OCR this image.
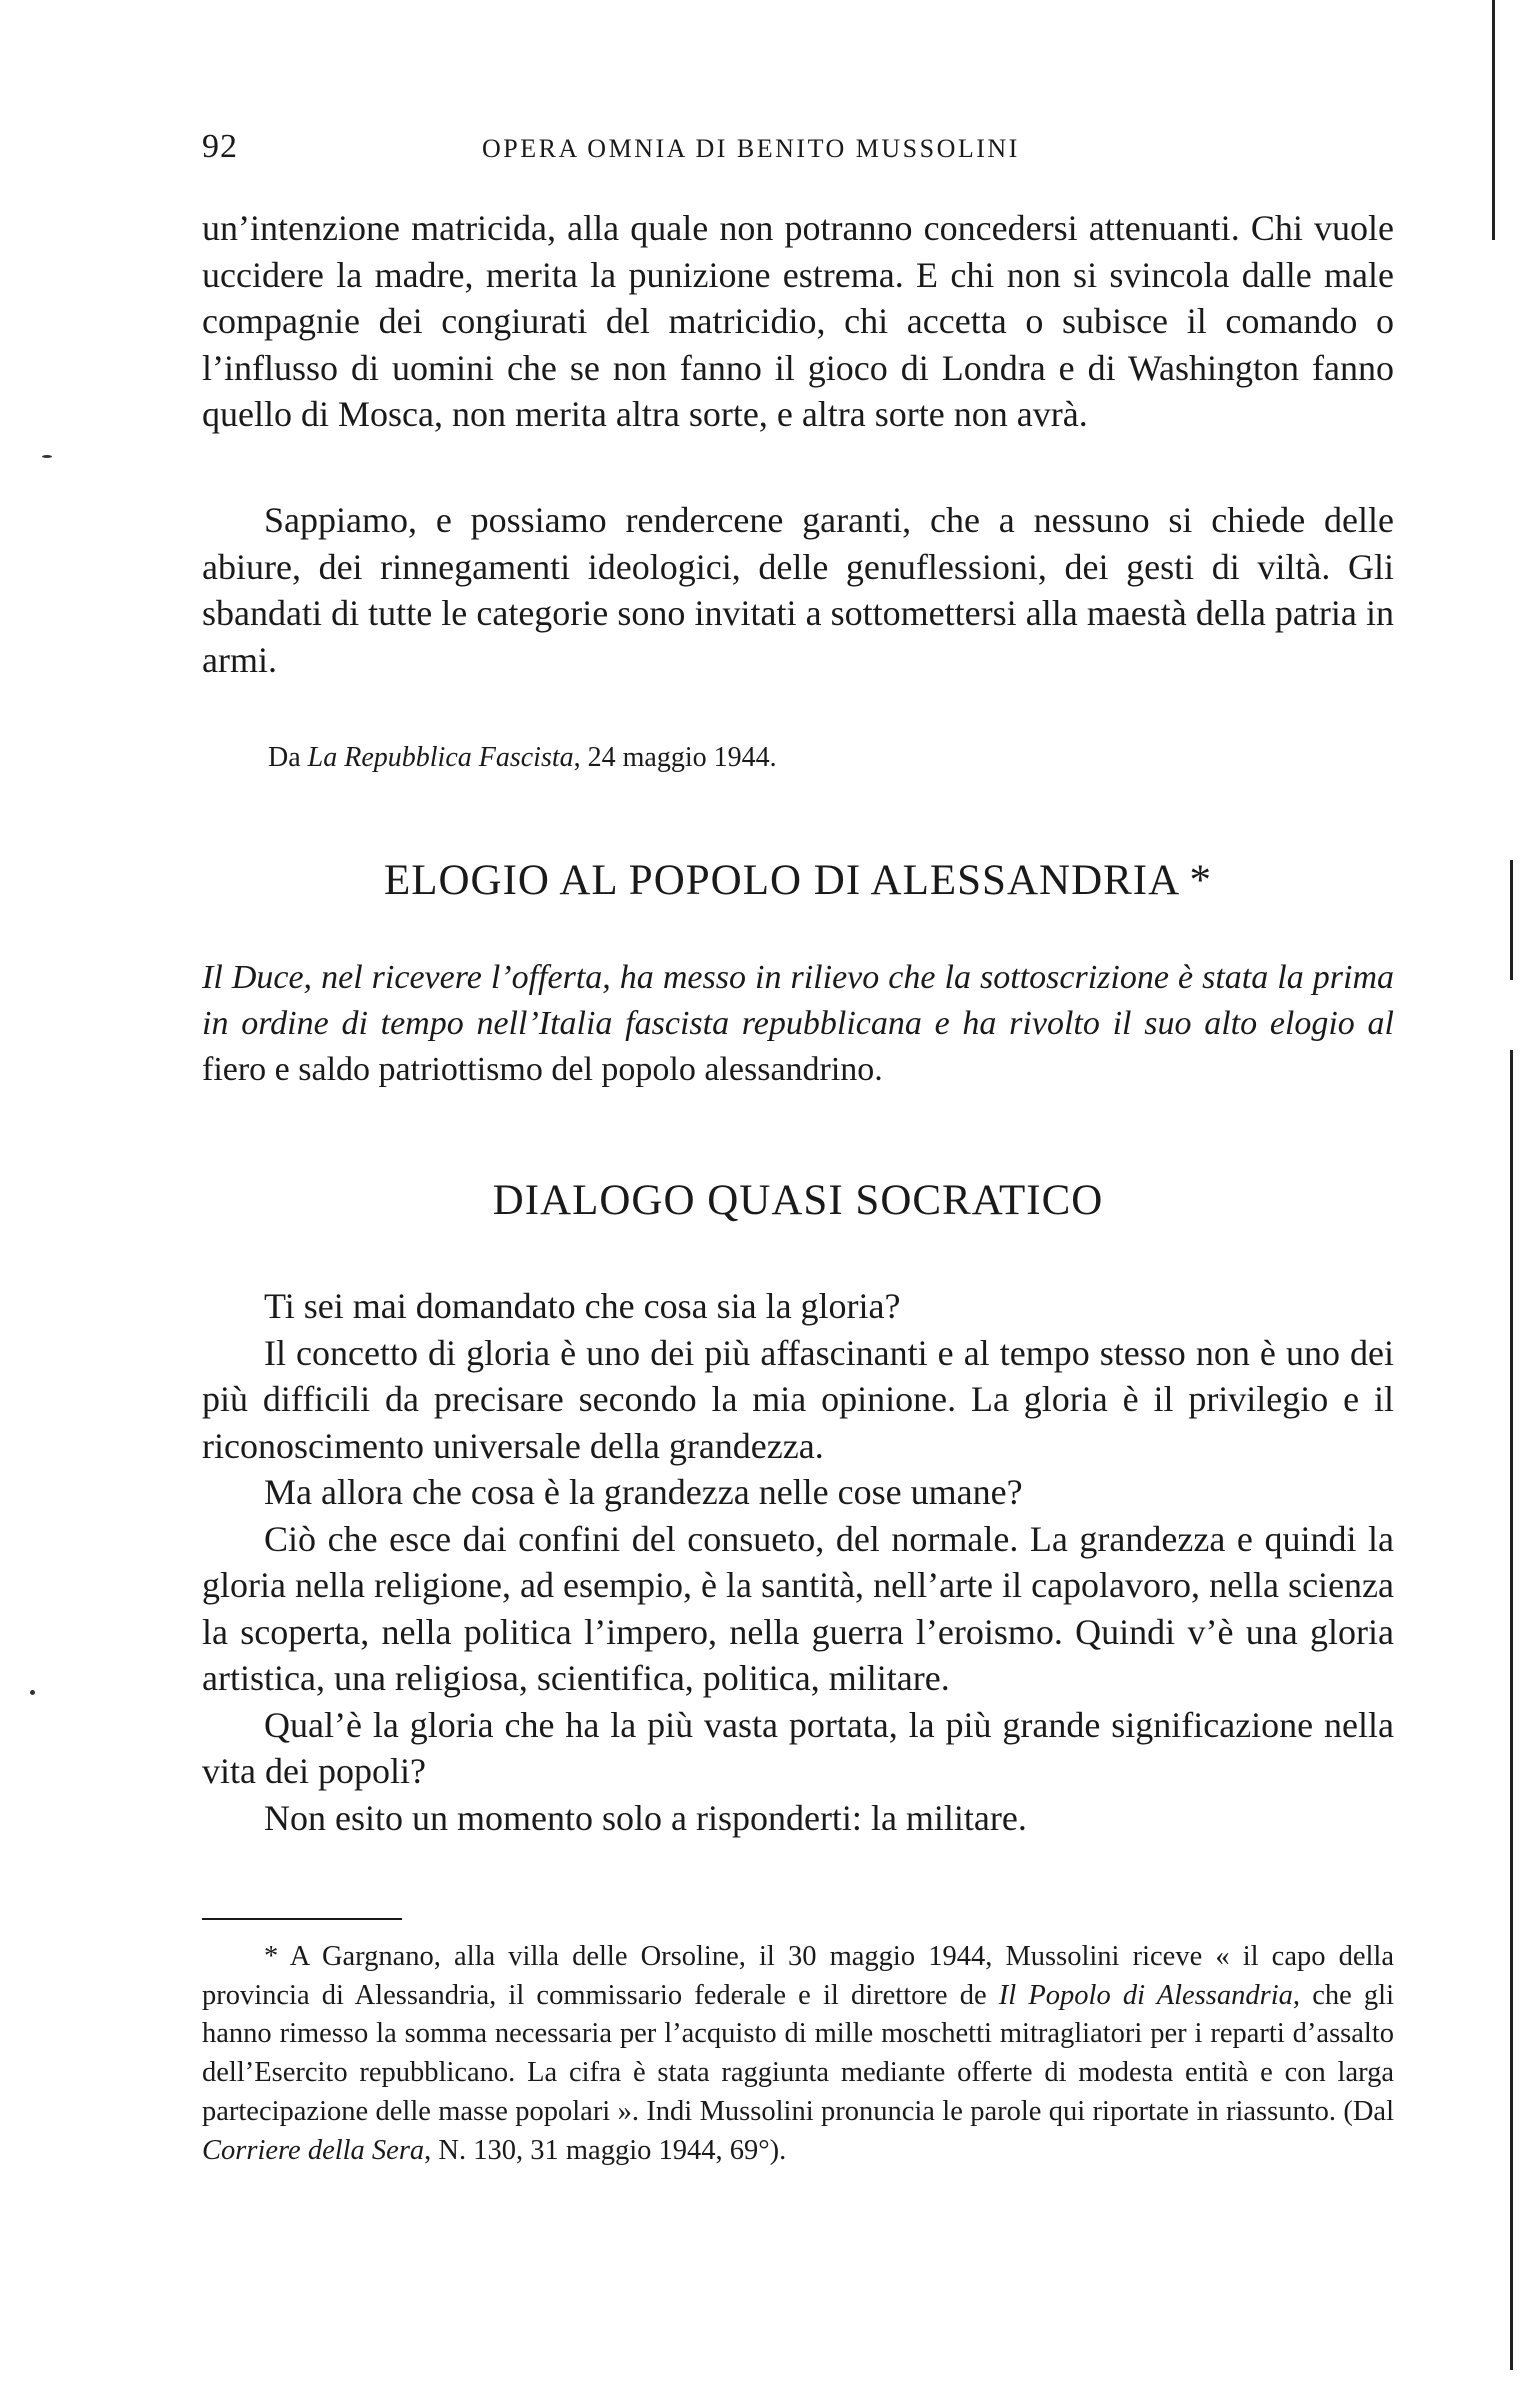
92	OPERA OMNIA DI BENITO MUSSOLINI

un’intenzione matricida, alla quale non potranno concedersi attenuanti. Chi vuole uccidere la madre, merita la punizione estrema. E chi non si svincola dalle male compagnie dei congiurati del matricidio, chi accetta o subisce il comando o l’influsso di uomini che se non fanno il gioco di Londra e di Washington fanno quello di Mosca, non merita altra sorte, e altra sorte non avrà.

Sappiamo, e possiamo rendercene garanti, che a nessuno si chiede delle abiure, dei rinnegamenti ideologici, delle genuflessioni, dei gesti di viltà. Gli sbandati di tutte le categorie sono invitati a sottomettersi alla maestà della patria in armi.

Da La Repubblica Fascista, 24 maggio 1944.
ELOGIO AL POPOLO DI ALESSANDRIA *
Il Duce, nel ricevere l’offerta, ha messo in rilievo che la sottoscrizione è stata la prima in ordine di tempo nell’Italia fascista repubblicana e ha rivolto il suo alto elogio al fiero e saldo patriottismo del popolo alessandrino.
DIALOGO QUASI SOCRATICO

Ti sei mai domandato che cosa sia la gloria?

Il concetto di gloria è uno dei più affascinanti e al tempo stesso non è uno dei più difficili da precisare secondo la mia opinione. La gloria è il privilegio e il riconoscimento universale della grandezza.

Ma allora che cosa è la grandezza nelle cose umane?

Ciò che esce dai confini del consueto, del normale. La grandezza e quindi la gloria nella religione, ad esempio, è la santità, nell’arte il capolavoro, nella scienza la scoperta, nella politica l’impero, nella guerra l’eroismo. Quindi v’è una gloria artistica, una religiosa, scientifica, politica, militare.

Qual’è la gloria che ha la più vasta portata, la più grande significazione nella vita dei popoli?

Non esito un momento solo a risponderti: la militare.

* A Gargnano, alla villa delle Orsoline, il 30 maggio 1944, Mussolini riceve « il capo della provincia di Alessandria, il commissario federale e il direttore de Il Popolo di Alessandria, che gli hanno rimesso la somma necessaria per l’acquisto di mille moschetti mitragliatori per i reparti d’assalto dell’Esercito repubblicano. La cifra è stata raggiunta mediante offerte di modesta entità e con larga partecipazione delle masse popolari ». Indi Mussolini pronuncia le parole qui riportate in riassunto. (Dal Corriere della Sera, N. 130, 31 maggio 1944, 69°).
